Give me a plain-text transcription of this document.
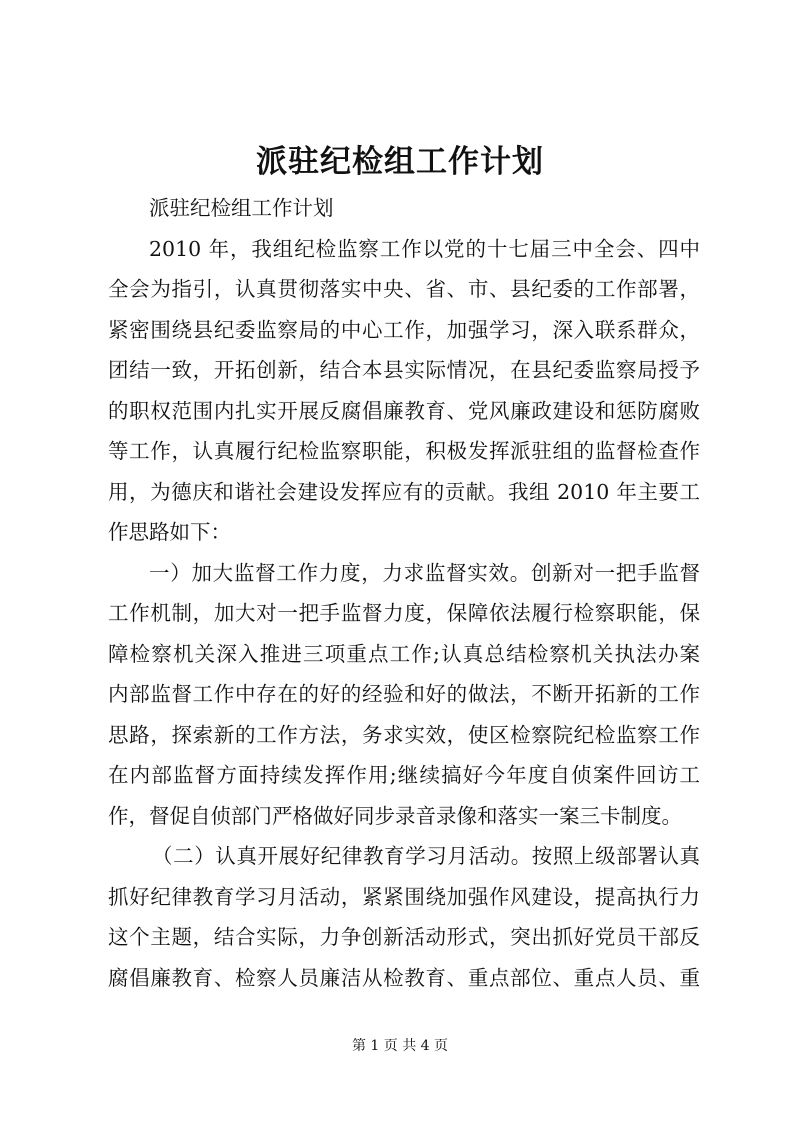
派驻纪检组工作计划
派驻纪检组工作计划
2010 年，我组纪检监察工作以党的十七届三中全会、四中
全会为指引，认真贯彻落实中央、省、市、县纪委的工作部署，
紧密围绕县纪委监察局的中心工作，加强学习，深入联系群众，
团结一致，开拓创新，结合本县实际情况，在县纪委监察局授予
的职权范围内扎实开展反腐倡廉教育、党风廉政建设和惩防腐败
等工作，认真履行纪检监察职能，积极发挥派驻组的监督检查作
用，为德庆和谐社会建设发挥应有的贡献。我组 2010 年主要工
作思路如下：
一）加大监督工作力度，力求监督实效。创新对一把手监督
工作机制，加大对一把手监督力度，保障依法履行检察职能，保
障检察机关深入推进三项重点工作;认真总结检察机关执法办案
内部监督工作中存在的好的经验和好的做法，不断开拓新的工作
思路，探索新的工作方法，务求实效，使区检察院纪检监察工作
在内部监督方面持续发挥作用;继续搞好今年度自侦案件回访工
作，督促自侦部门严格做好同步录音录像和落实一案三卡制度。
（二）认真开展好纪律教育学习月活动。按照上级部署认真
抓好纪律教育学习月活动，紧紧围绕加强作风建设，提高执行力
这个主题，结合实际，力争创新活动形式，突出抓好党员干部反
腐倡廉教育、检察人员廉洁从检教育、重点部位、重点人员、重
第 1 页 共 4 页
